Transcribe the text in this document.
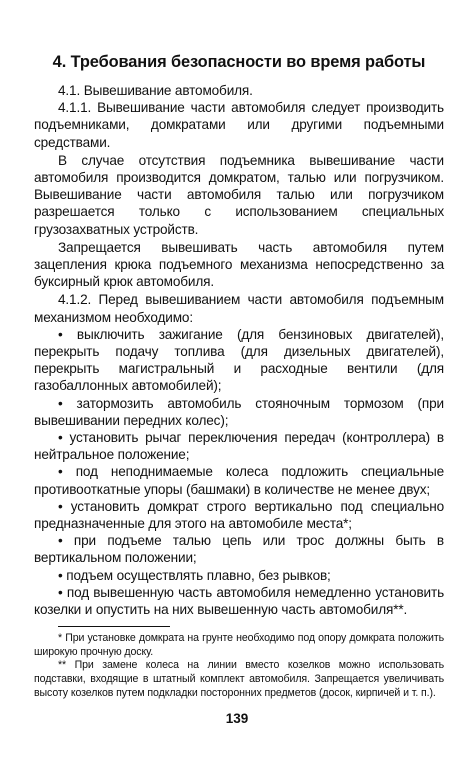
4. Требования безопасности во время работы

4.1. Вывешивание автомобиля.

4.1.1. Вывешивание части автомобиля следует производить подъемниками, домкратами или другими подъемными средствами.

В случае отсутствия подъемника вывешивание части автомобиля производится домкратом, талью или погрузчиком. Вывешивание части автомобиля талью или погрузчиком разрешается только с использованием специальных грузозахватных устройств.

Запрещается вывешивать часть автомобиля путем зацепления крюка подъемного механизма непосредственно за буксирный крюк автомобиля.

4.1.2. Перед вывешиванием части автомобиля подъемным механизмом необходимо:

• выключить зажигание (для бензиновых двигателей), перекрыть подачу топлива (для дизельных двигателей), перекрыть магистральный и расходные вентили (для газобаллонных автомобилей);

• затормозить автомобиль стояночным тормозом (при вывешивании передних колес);

• установить рычаг переключения передач (контроллера) в нейтральное положение;

• под неподнимаемые колеса подложить специальные противооткатные упоры (башмаки) в количестве не менее двух;

• установить домкрат строго вертикально под специально предназначенные для этого на автомобиле места*;

• при подъеме талью цепь или трос должны быть в вертикальном положении;

• подъем осуществлять плавно, без рывков;

• под вывешенную часть автомобиля немедленно установить козелки и опустить на них вывешенную часть автомобиля**.

* При установке домкрата на грунте необходимо под опору домкрата положить широкую прочную доску.

** При замене колеса на линии вместо козелков можно использовать подставки, входящие в штатный комплект автомобиля. Запрещается увеличивать высоту козелков путем подкладки посторонних предметов (досок, кирпичей и т. п.).

139
